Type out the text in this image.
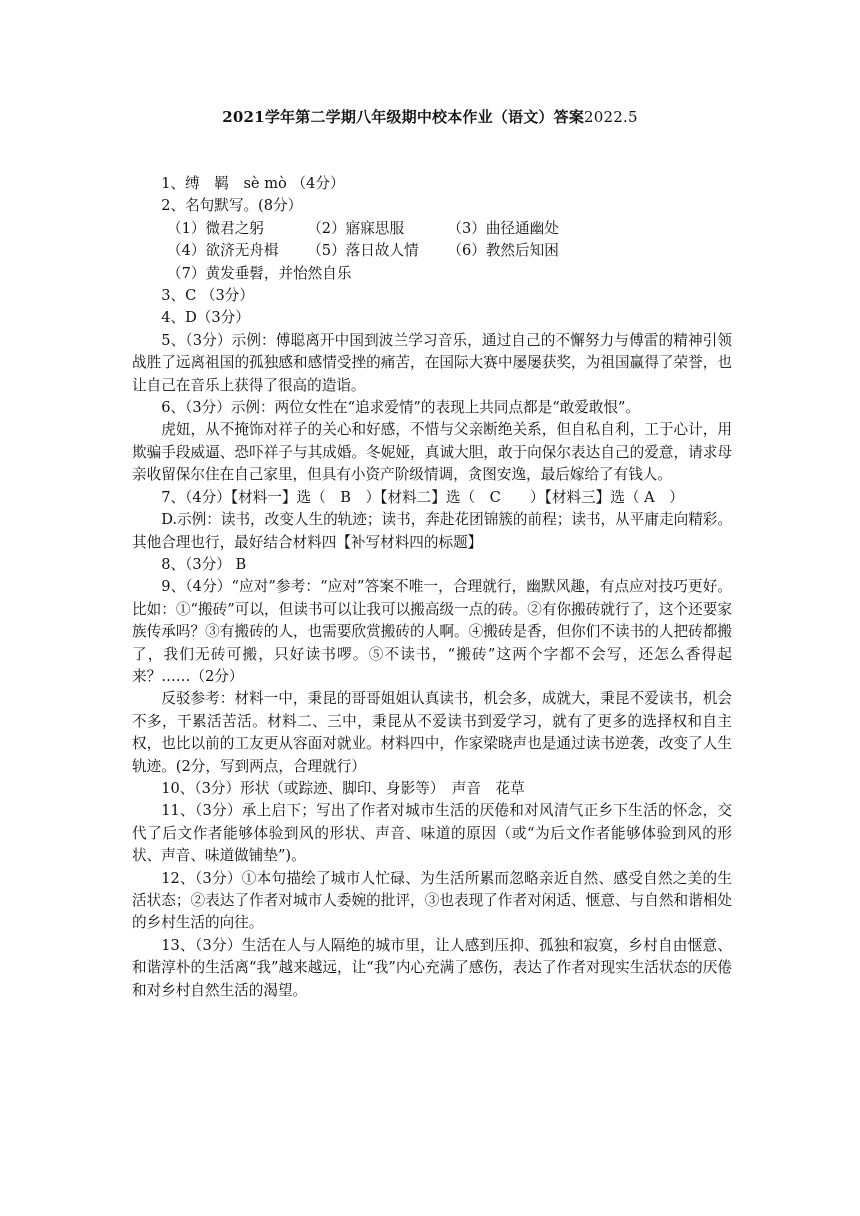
2021学年第二学期八年级期中校本作业（语文）答案2022.5

1、缚　羁　sè mò （4分）

2、名句默写。(8分）

（1）微君之躬	（2）寤寐思服	（3）曲径通幽处

（4）欲济无舟楫 （5）落日故人情 （6）教然后知困

（7）黄发垂髫，并怡然自乐

3、C （3分）

4、D（3分）

5、（3分）示例：傅聪离开中国到波兰学习音乐，通过自己的不懈努力与傅雷的精神引领战胜了远离祖国的孤独感和感情受挫的痛苦，在国际大赛中屡屡获奖，为祖国赢得了荣誉，也让自己在音乐上获得了很高的造诣。

6、（3分）示例：两位女性在“追求爱情”的表现上共同点都是“敢爱敢恨”。

虎妞，从不掩饰对祥子的关心和好感，不惜与父亲断绝关系，但自私自利，工于心计，用欺骗手段威逼、恐吓祥子与其成婚。冬妮娅，真诚大胆，敢于向保尔表达自己的爱意，请求母亲收留保尔住在自己家里，但具有小资产阶级情调，贪图安逸，最后嫁给了有钱人。

7、（4分）【材料一】选（　B　）【材料二】选（　C　　）【材料三】选（ A　）

D.示例：读书，改变人生的轨迹；读书，奔赴花团锦簇的前程；读书，从平庸走向精彩。其他合理也行，最好结合材料四【补写材料四的标题】

8、（3分） B

9、（4分）“应对”参考：“应对”答案不唯一，合理就行，幽默风趣，有点应对技巧更好。比如：①“搬砖”可以，但读书可以让我可以搬高级一点的砖。②有你搬砖就行了，这个还要家族传承吗？③有搬砖的人，也需要欣赏搬砖的人啊。④搬砖是香，但你们不读书的人把砖都搬了，我们无砖可搬，只好读书啰。⑤不读书，“搬砖”这两个字都不会写，还怎么香得起来？……（2分）

反驳参考：材料一中，秉昆的哥哥姐姐认真读书，机会多，成就大，秉昆不爱读书，机会不多，干累活苦活。材料二、三中，秉昆从不爱读书到爱学习，就有了更多的选择权和自主权，也比以前的工友更从容面对就业。材料四中，作家梁晓声也是通过读书逆袭，改变了人生轨迹。(2分，写到两点，合理就行）

10、（3分）形状（或踪迹、脚印、身影等）　声音　花草

11、（3分）承上启下；写出了作者对城市生活的厌倦和对风清气正乡下生活的怀念，交代了后文作者能够体验到风的形状、声音、味道的原因（或“为后文作者能够体验到风的形状、声音、味道做铺垫”)。

12、（3分）①本句描绘了城市人忙碌、为生活所累而忽略亲近自然、感受自然之美的生活状态；②表达了作者对城市人委婉的批评，③也表现了作者对闲适、惬意、与自然和谐相处的乡村生活的向往。

13、（3分）生活在人与人隔绝的城市里，让人感到压抑、孤独和寂寞，乡村自由惬意、和谐淳朴的生活离“我”越来越远，让“我”内心充满了感伤，表达了作者对现实生活状态的厌倦和对乡村自然生活的渴望。
